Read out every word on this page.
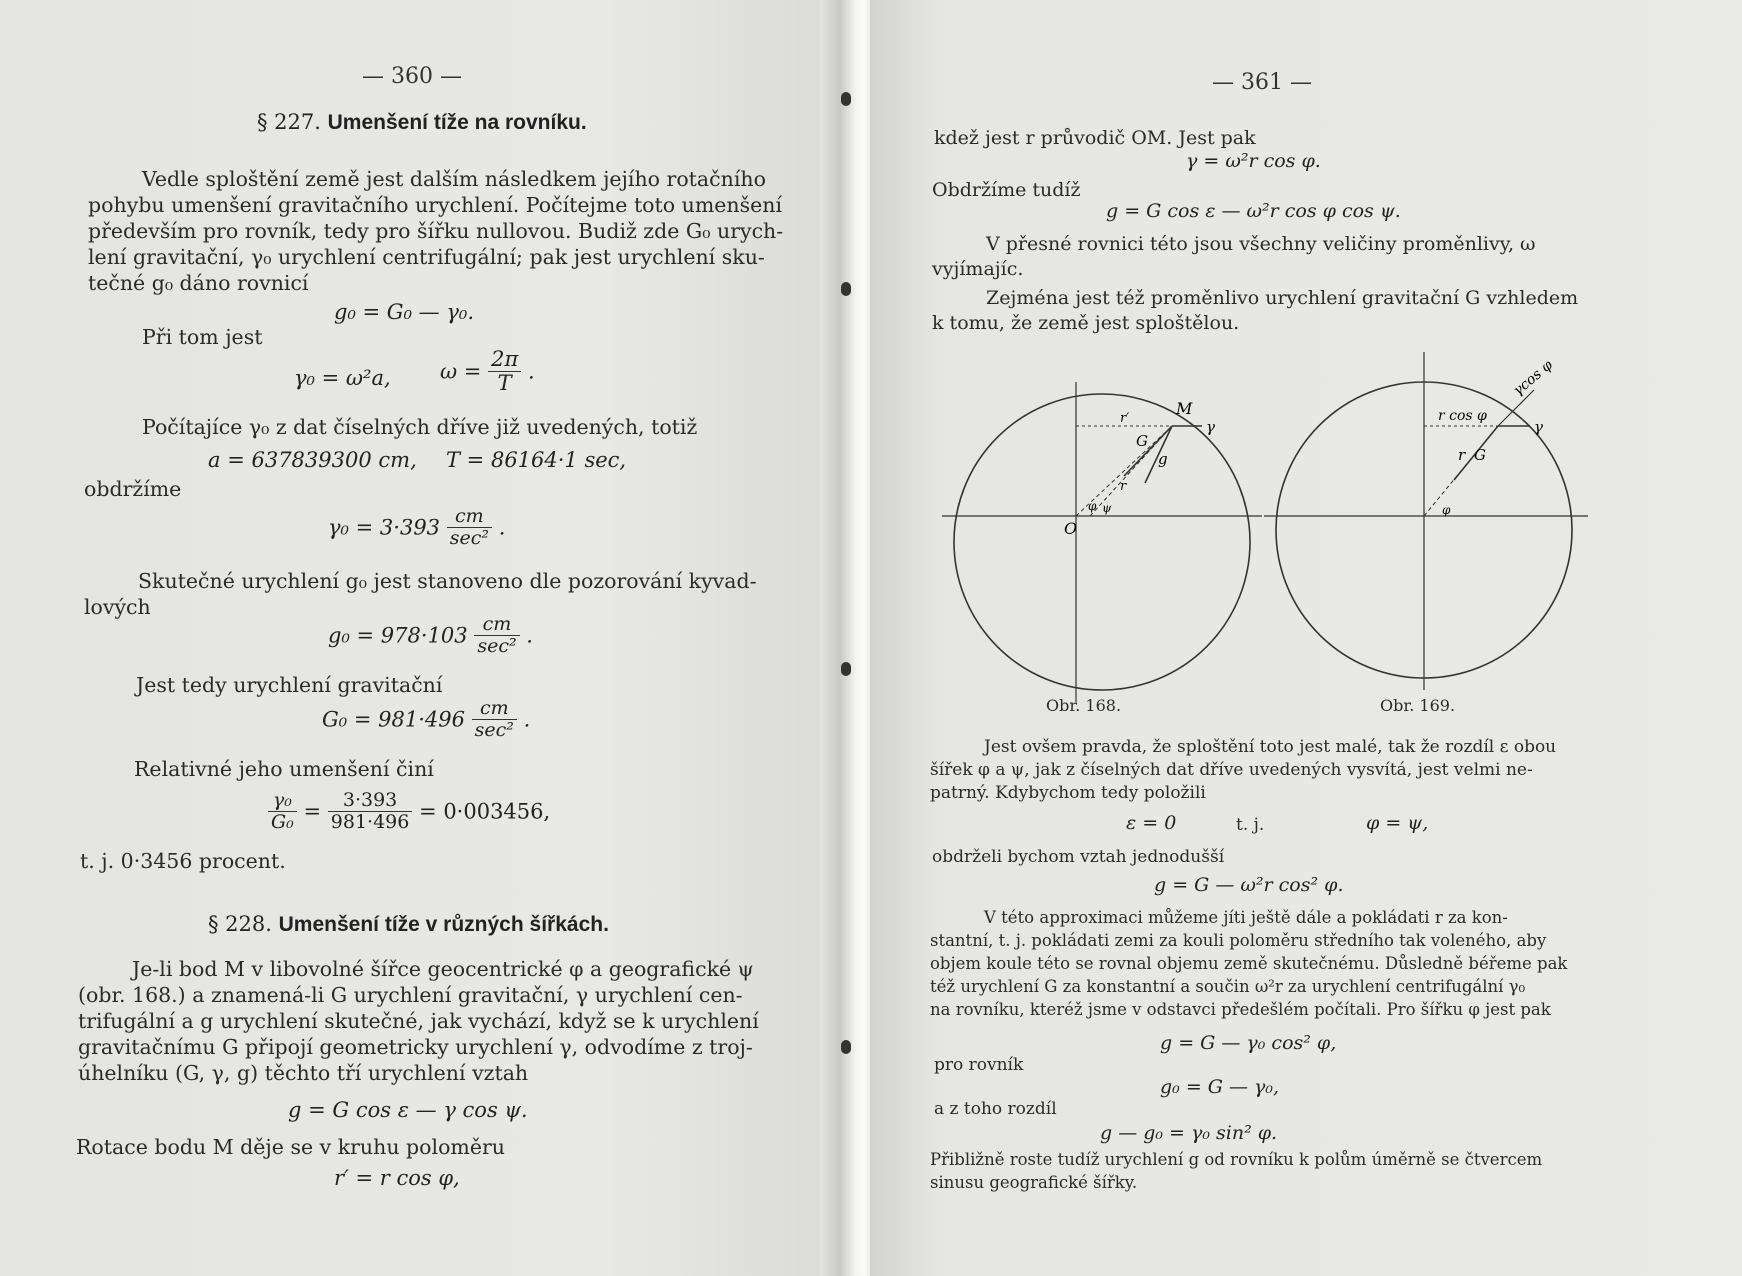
— 360 —
§ 227. Umenšení tíže na rovníku.

Vedle splоštění země jest dalším následkem jejího rotačního

pohybu umenšení gravitačního urychlení. Počítejme toto umenšení

především pro rovník, tedy pro šířku nullovou. Budiž zde G₀ urych-

lení gravitační, γ₀ urychlení centrifugální; pak jest urychlení sku-

tečné g₀ dáno rovnicí

g₀ = G₀ — γ₀.
Při tom jest
γ₀ = ω²a, $\omega = \frac{2\pi}{T}$ .
Počítajíce γ₀ z dat číselných dříve již uvedených, totiž
a = 637839300 cm, T = 86164·1 sec,
obdržíme
$\gamma_0 = 3\cdot 393 \frac{cm}{\text{sec²}}$ .

Skutečné urychlení g₀ jest stanoveno dle pozorování kyvad-

lových

$g_0 = 978\cdot 103 \frac{cm}{\text{sec²}}$ .
Jest tedy urychlení gravitační
$G_0 = 981\cdot 496 \frac{cm}{\text{sec²}}$ .
Relativné jeho umenšení činí
$\frac{\text{γ₀}}{\text{G₀}} = \frac{3\cdot 393}{981\cdot 496} = 0\cdot 003456$,
t. j. 0·3456 procent.
§ 228. Umenšení tíže v různých šířkách.

Je-li bod M v libovolné šířce geocentrické φ a geografické ψ

(obr. 168.) a znamená-li G urychlení gravitační, γ urychlení cen-

trifugální a g urychlení skutečné, jak vychází, když se k urychlení

gravitačnímu G připojí geometricky urychlení γ, odvodíme z troj-

úhelníku (G, γ, g) těchto tří urychlení vztah

g = G cos ε — γ cos ψ.
Rotace bodu M děje se v kruhu poloměru
r′ = r cos φ,
— 361 —
kdež jest r průvodič OM. Jest pak
γ = ω²r cos φ.
Obdržíme tudíž
g = G cos ε — ω²r cos φ cos ψ.
V přesné rovnici této jsou všechny veličiny proměnlivy, ω
vyjímajíc.
Zejména jest též proměnlivo urychlení gravitační G vzhledem
k tomu, že země jest splоštělou.
r′
M
γ
G
g
r
O
φ ψ
Obr. 168.
r cos φ
γ
γcos φ
r G
φ
Obr. 169.
Jest ovšem pravda, že splоštění toto jest malé, tak že rozdíl ε obou
šířek φ a ψ, jak z číselných dat dříve uvedených vysvítá, jest velmi ne-
patrný. Kdybychom tedy položili
ε = 0	t. j.	φ = ψ,
obdrželi bychom vztah jednodušší
g = G — ω²r cos² φ.
V této approximaci můžeme jíti ještě dále a pokládati r za kon-
stantní, t. j. pokládati zemi za kouli poloměru středního tak voleného, aby
objem koule této se rovnal objemu země skutečnému. Důsledně béřeme pak
též urychlení G za konstantní a součin ω²r za urychlení centrifugální γ₀
na rovníku, kteréž jsme v odstavci předešlém počítali. Pro šířku φ jest pak
g = G — γ₀ cos² φ,
pro rovník
g₀ = G — γ₀,
a z toho rozdíl
g — g₀ = γ₀ sin² φ.
Přibližně roste tudíž urychlení g od rovníku k polům úměrně se čtvercem
sinusu geografické šířky.
